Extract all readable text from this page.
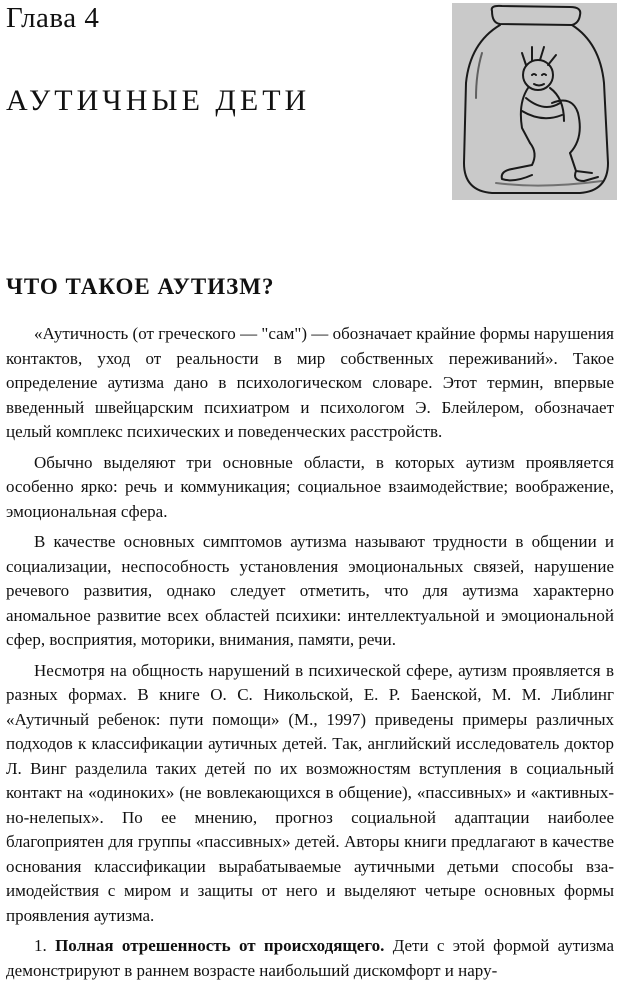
Глава 4
АУТИЧНЫЕ ДЕТИ
ЧТО ТАКОЕ АУТИЗМ?

«Аутичность (от греческого — "сам") — обозначает крайние формы нарушения контактов, уход от реальности в мир собственных переживаний». Такое определение аутизма дано в психологическом словаре. Этот термин, впервые введенный швейцарским психиатром и психологом Э. Блейлером, обозначает целый комплекс психических и поведенческих расстройств.

Обычно выделяют три основные области, в которых аутизм проявляется особенно ярко: речь и коммуникация; социальное взаимодействие; воображение, эмоциональная сфера.

В качестве основных симптомов аутизма называют трудности в общении и социализации, неспособность установления эмоциональных связей, нарушение речевого развития, однако следует отметить, что для аутизма характерно аномальное развитие всех областей психики: интеллектуальной и эмоциональной сфер, восприятия, моторики, внимания, памяти, речи.

Несмотря на общность нарушений в психической сфере, аутизм проявляется в разных формах. В книге О. С. Никольской, Е. Р. Баенской, М. М. Либлинг «Аутичный ребенок: пути помощи» (М., 1997) приведены примеры различных подходов к классификации аутичных детей. Так, английский исследователь доктор Л. Винг разделила таких детей по их возможностям вступления в социальный контакт на «одиноких» (не вовлекающихся в общение), «пассивных» и «активных-но-нелепых». По ее мнению, прогноз социальной адаптации наиболее благоприятен для группы «пассивных» детей. Авторы книги предлагают в качестве основания классификации вырабатываемые аутичными детьми способы взаимодействия с миром и защиты от него и выделяют четыре основных формы проявления аутизма.

1. Полная отрешенность от происходящего. Дети с этой формой аутизма демонстрируют в раннем возрасте наибольший дискомфорт и нару-
